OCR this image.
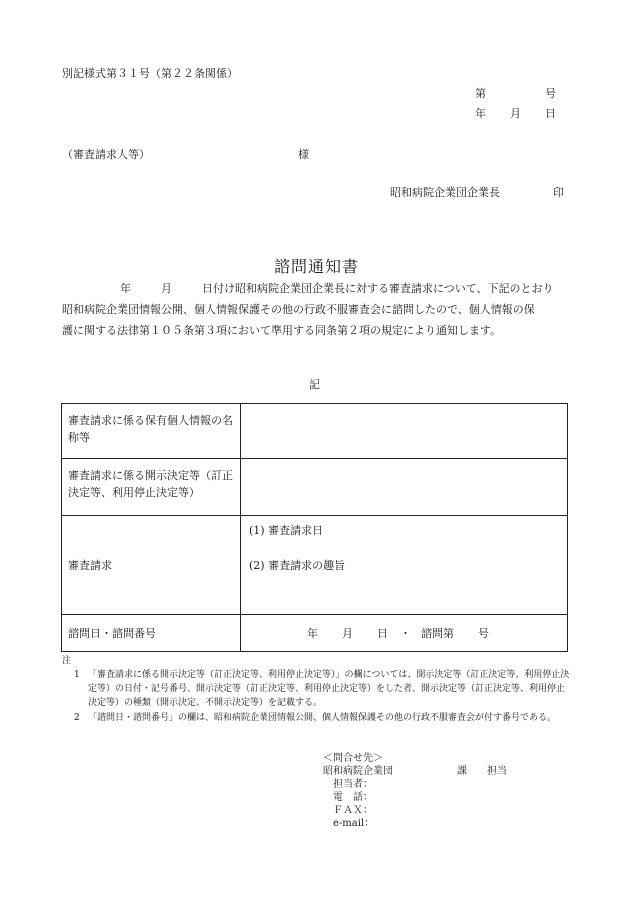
別記様式第３１号（第２２条関係）
第	号
年 月 日
（審査請求人等）	様
昭和病院企業団企業長	印
諮問通知書
年	月	日付け昭和病院企業団企業長に対する審査請求について、下記のとおり
昭和病院企業団情報公開、個人情報保護その他の行政不服審査会に諮問したので、個人情報の保
護に関する法律第１０５条第３項において準用する同条第２項の規定により通知します。
記
審査請求に係る保有個人情報の名称等	
審査請求に係る開示決定等（訂正決定等、利用停止決定等）	
審査請求	(1) 審査請求日
(2) 審査請求の趣旨

諮問日・諮問番号	年 月 日 ・ 諮問第 号
注
1 「審査請求に係る開示決定等（訂正決定等、利用停止決定等）」の欄については、開示決定等（訂正決定等、利用停止決定等）の日付・記号番号、開示決定等（訂正決定等、利用停止決定等）をした者、開示決定等（訂正決定等、利用停止決定等）の種類（開示決定、不開示決定等）を記載する。
2 「諮問日・諮問番号」の欄は、昭和病院企業団情報公開、個人情報保護その他の行政不服審査会が付す番号である。
＜問合せ先＞
昭和病院企業団	課 担当
担当者：
電　話：
ＦＡＸ：
e-mail：
